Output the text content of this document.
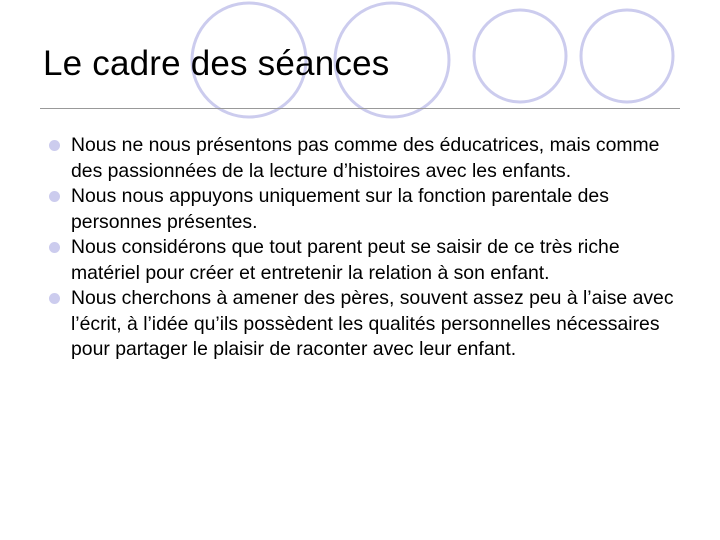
Le cadre des séances
Nous ne nous présentons pas comme des éducatrices, mais comme des passionnées de la lecture d’histoires avec les enfants.
Nous nous appuyons uniquement sur la fonction parentale des personnes présentes.
Nous considérons que tout parent peut se saisir de ce très riche matériel pour créer et entretenir la relation à son enfant.
Nous cherchons à amener des pères, souvent assez peu à l’aise avec l’écrit, à l’idée qu’ils possèdent les qualités personnelles nécessaires pour partager le plaisir de raconter avec leur enfant.
